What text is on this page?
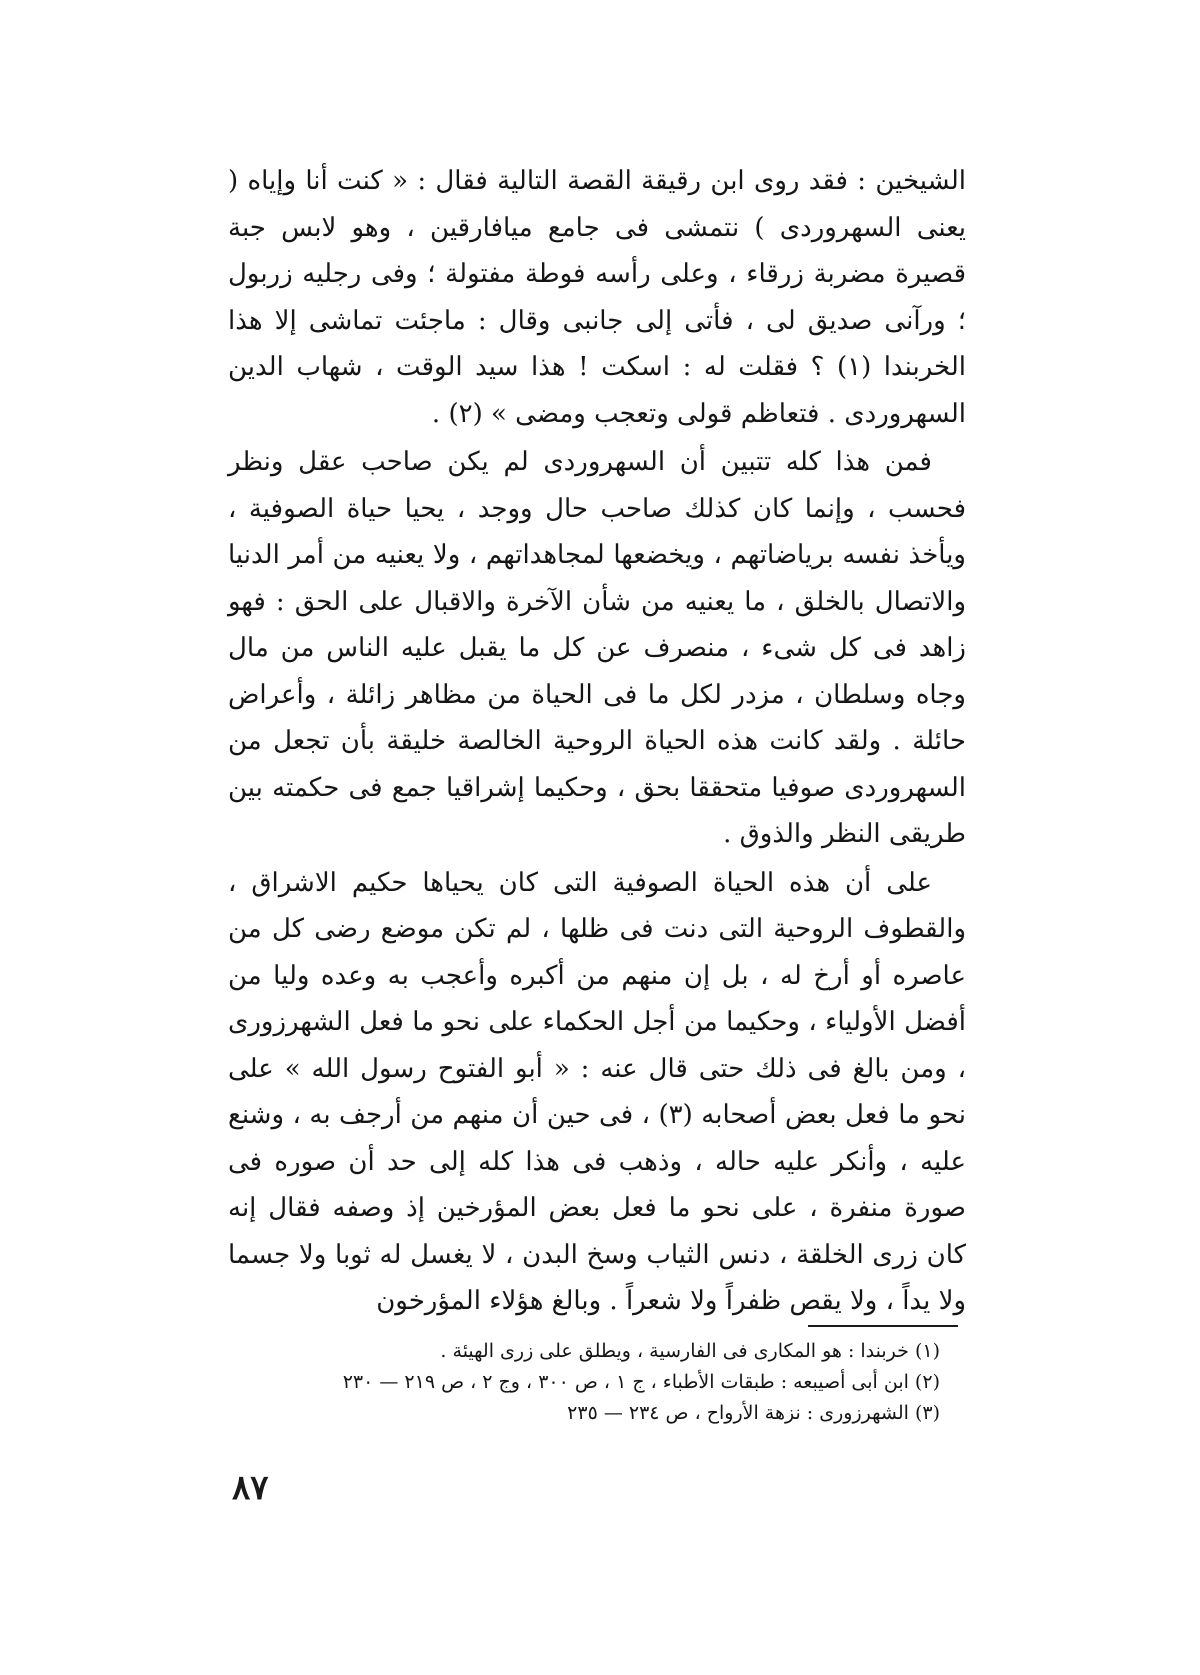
الشيخين : فقد روى ابن رقيقة القصة التالية فقال : « كنت أنا وإياه ( يعنى السهروردى ) نتمشى فى جامع ميافارقين ، وهو لابس جبة قصيرة مضربة زرقاء ، وعلى رأسه فوطة مفتولة ؛ وفى رجليه زربول ؛ ورآنى صديق لى ، فأتى إلى جانبى وقال : ماجئت تماشى إلا هذا الخربندا (١) ؟ فقلت له : اسكت ! هذا سيد الوقت ، شهاب الدين السهروردى . فتعاظم قولى وتعجب ومضى » (٢) .

فمن هذا كله تتبين أن السهروردى لم يكن صاحب عقل ونظر فحسب ، وإنما كان كذلك صاحب حال ووجد ، يحيا حياة الصوفية ، ويأخذ نفسه برياضاتهم ، ويخضعها لمجاهداتهم ، ولا يعنيه من أمر الدنيا والاتصال بالخلق ، ما يعنيه من شأن الآخرة والاقبال على الحق : فهو زاهد فى كل شىء ، منصرف عن كل ما يقبل عليه الناس من مال وجاه وسلطان ، مزدر لكل ما فى الحياة من مظاهر زائلة ، وأعراض حائلة . ولقد كانت هذه الحياة الروحية الخالصة خليقة بأن تجعل من السهروردى صوفيا متحققا بحق ، وحكيما إشراقيا جمع فى حكمته بين طريقى النظر والذوق .

على أن هذه الحياة الصوفية التى كان يحياها حكيم الاشراق ، والقطوف الروحية التى دنت فى ظلها ، لم تكن موضع رضى كل من عاصره أو أرخ له ، بل إن منهم من أكبره وأعجب به وعده وليا من أفضل الأولياء ، وحكيما من أجل الحكماء على نحو ما فعل الشهرزورى ، ومن بالغ فى ذلك حتى قال عنه : « أبو الفتوح رسول الله » على نحو ما فعل بعض أصحابه (٣) ، فى حين أن منهم من أرجف به ، وشنع عليه ، وأنكر عليه حاله ، وذهب فى هذا كله إلى حد أن صوره فى صورة منفرة ، على نحو ما فعل بعض المؤرخين إذ وصفه فقال إنه كان زرى الخلقة ، دنس الثياب وسخ البدن ، لا يغسل له ثوبا ولا جسما ولا يداً ، ولا يقص ظفراً ولا شعراً . وبالغ هؤلاء المؤرخون

(١) خربندا : هو المكارى فى الفارسية ، ويطلق على زرى الهيئة .

(٢) ابن أبى أصيبعه : طبقات الأطباء ، ج ١ ، ص ٣٠٠ ، وج ٢ ، ص ٢١٩ — ٢٣٠

(٣) الشهرزورى : نزهة الأرواح ، ص ٢٣٤ — ٢٣٥

٨٧
